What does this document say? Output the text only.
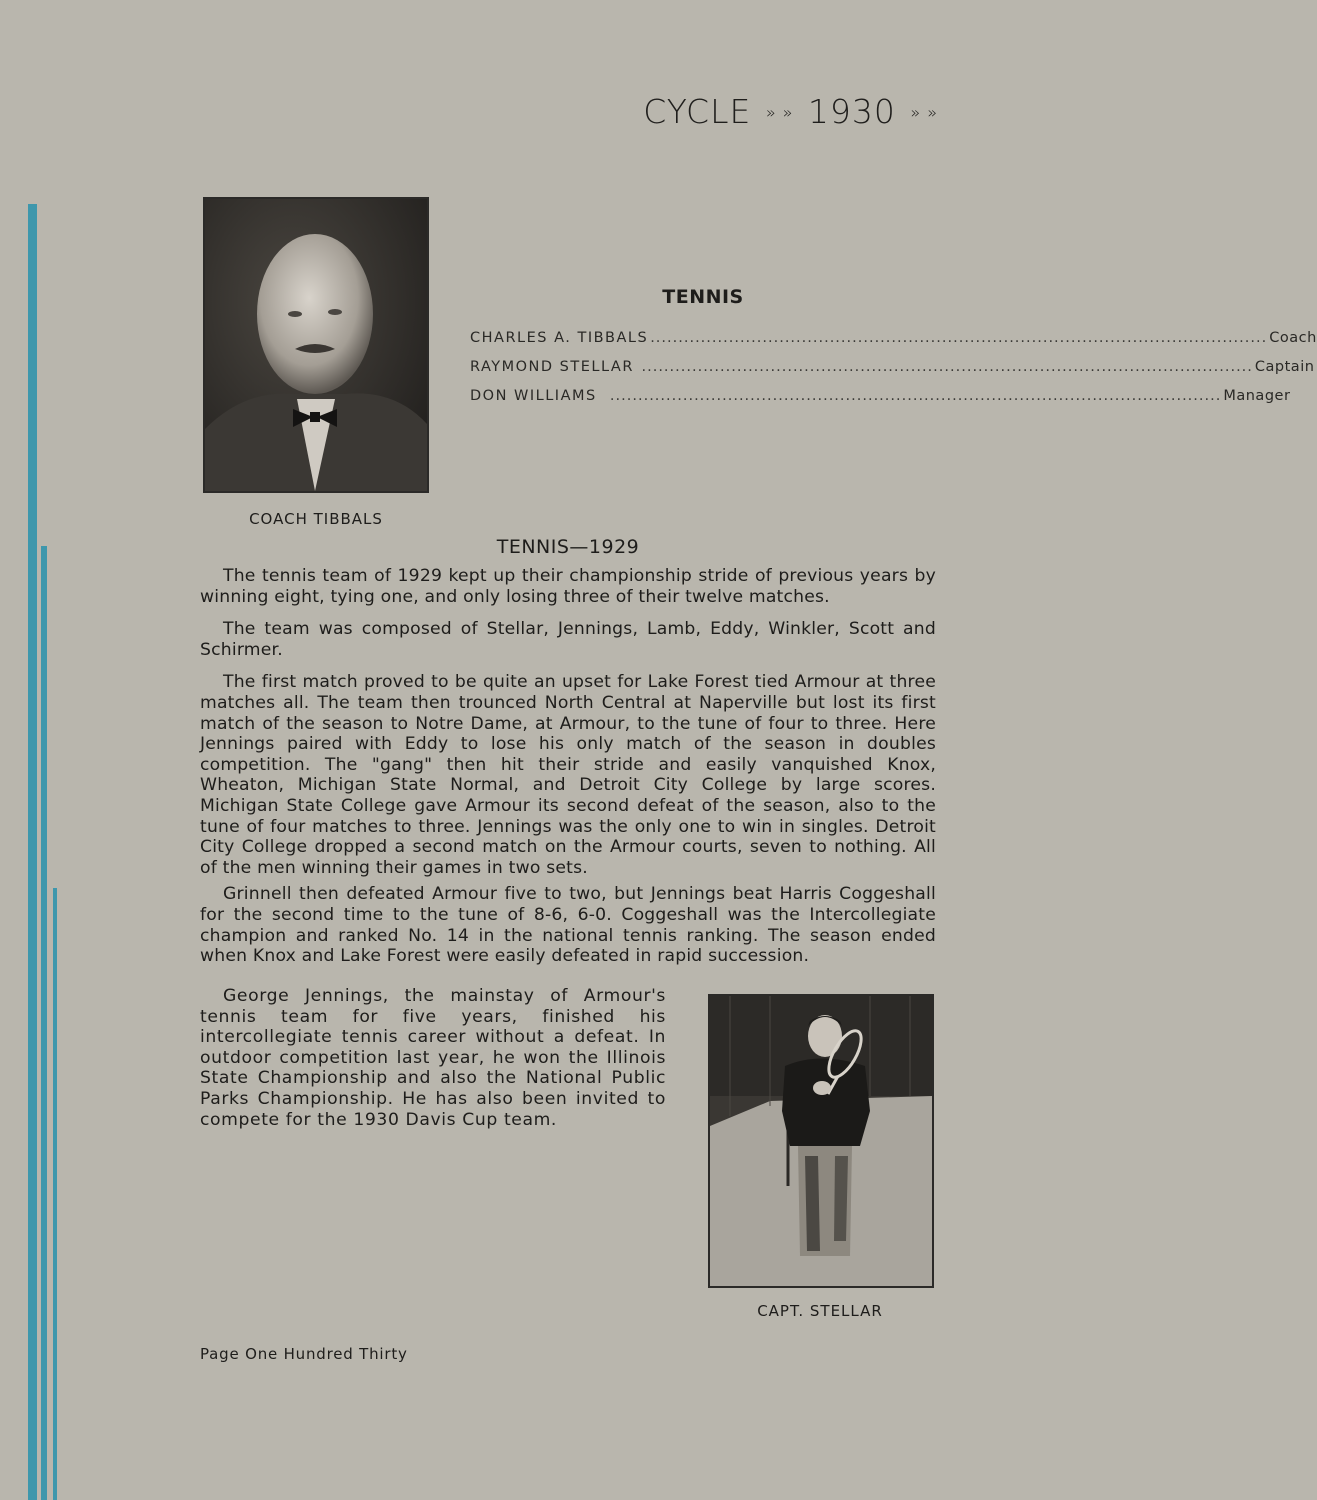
CYCLE » » 1930 » »
COACH TIBBALS
TENNIS
CHARLES A. TIBBALS .............................................................................................................. Coach
RAYMOND STELLAR ............................................................................................................. Captain
DON WILLIAMS ............................................................................................................. Manager
TENNIS—1929

The tennis team of 1929 kept up their championship stride of previous years by winning eight, tying one, and only losing three of their twelve matches.

The team was composed of Stellar, Jennings, Lamb, Eddy, Winkler, Scott and Schirmer.

The first match proved to be quite an upset for Lake Forest tied Armour at three matches all. The team then trounced North Central at Naperville but lost its first match of the season to Notre Dame, at Armour, to the tune of four to three. Here Jennings paired with Eddy to lose his only match of the season in doubles competition. The "gang" then hit their stride and easily vanquished Knox, Wheaton, Michigan State Normal, and Detroit City College by large scores. Michigan State College gave Armour its second defeat of the season, also to the tune of four matches to three. Jennings was the only one to win in singles. Detroit City College dropped a second match on the Armour courts, seven to nothing. All of the men winning their games in two sets.

Grinnell then defeated Armour five to two, but Jennings beat Harris Coggeshall for the second time to the tune of 8-6, 6-0. Coggeshall was the Intercollegiate champion and ranked No. 14 in the national tennis ranking. The season ended when Knox and Lake Forest were easily defeated in rapid succession.

George Jennings, the mainstay of Armour's tennis team for five years, finished his intercollegiate tennis career without a defeat. In outdoor competition last year, he won the Illinois State Championship and also the National Public Parks Championship. He has also been invited to compete for the 1930 Davis Cup team.

CAPT. STELLAR
Page One Hundred Thirty
